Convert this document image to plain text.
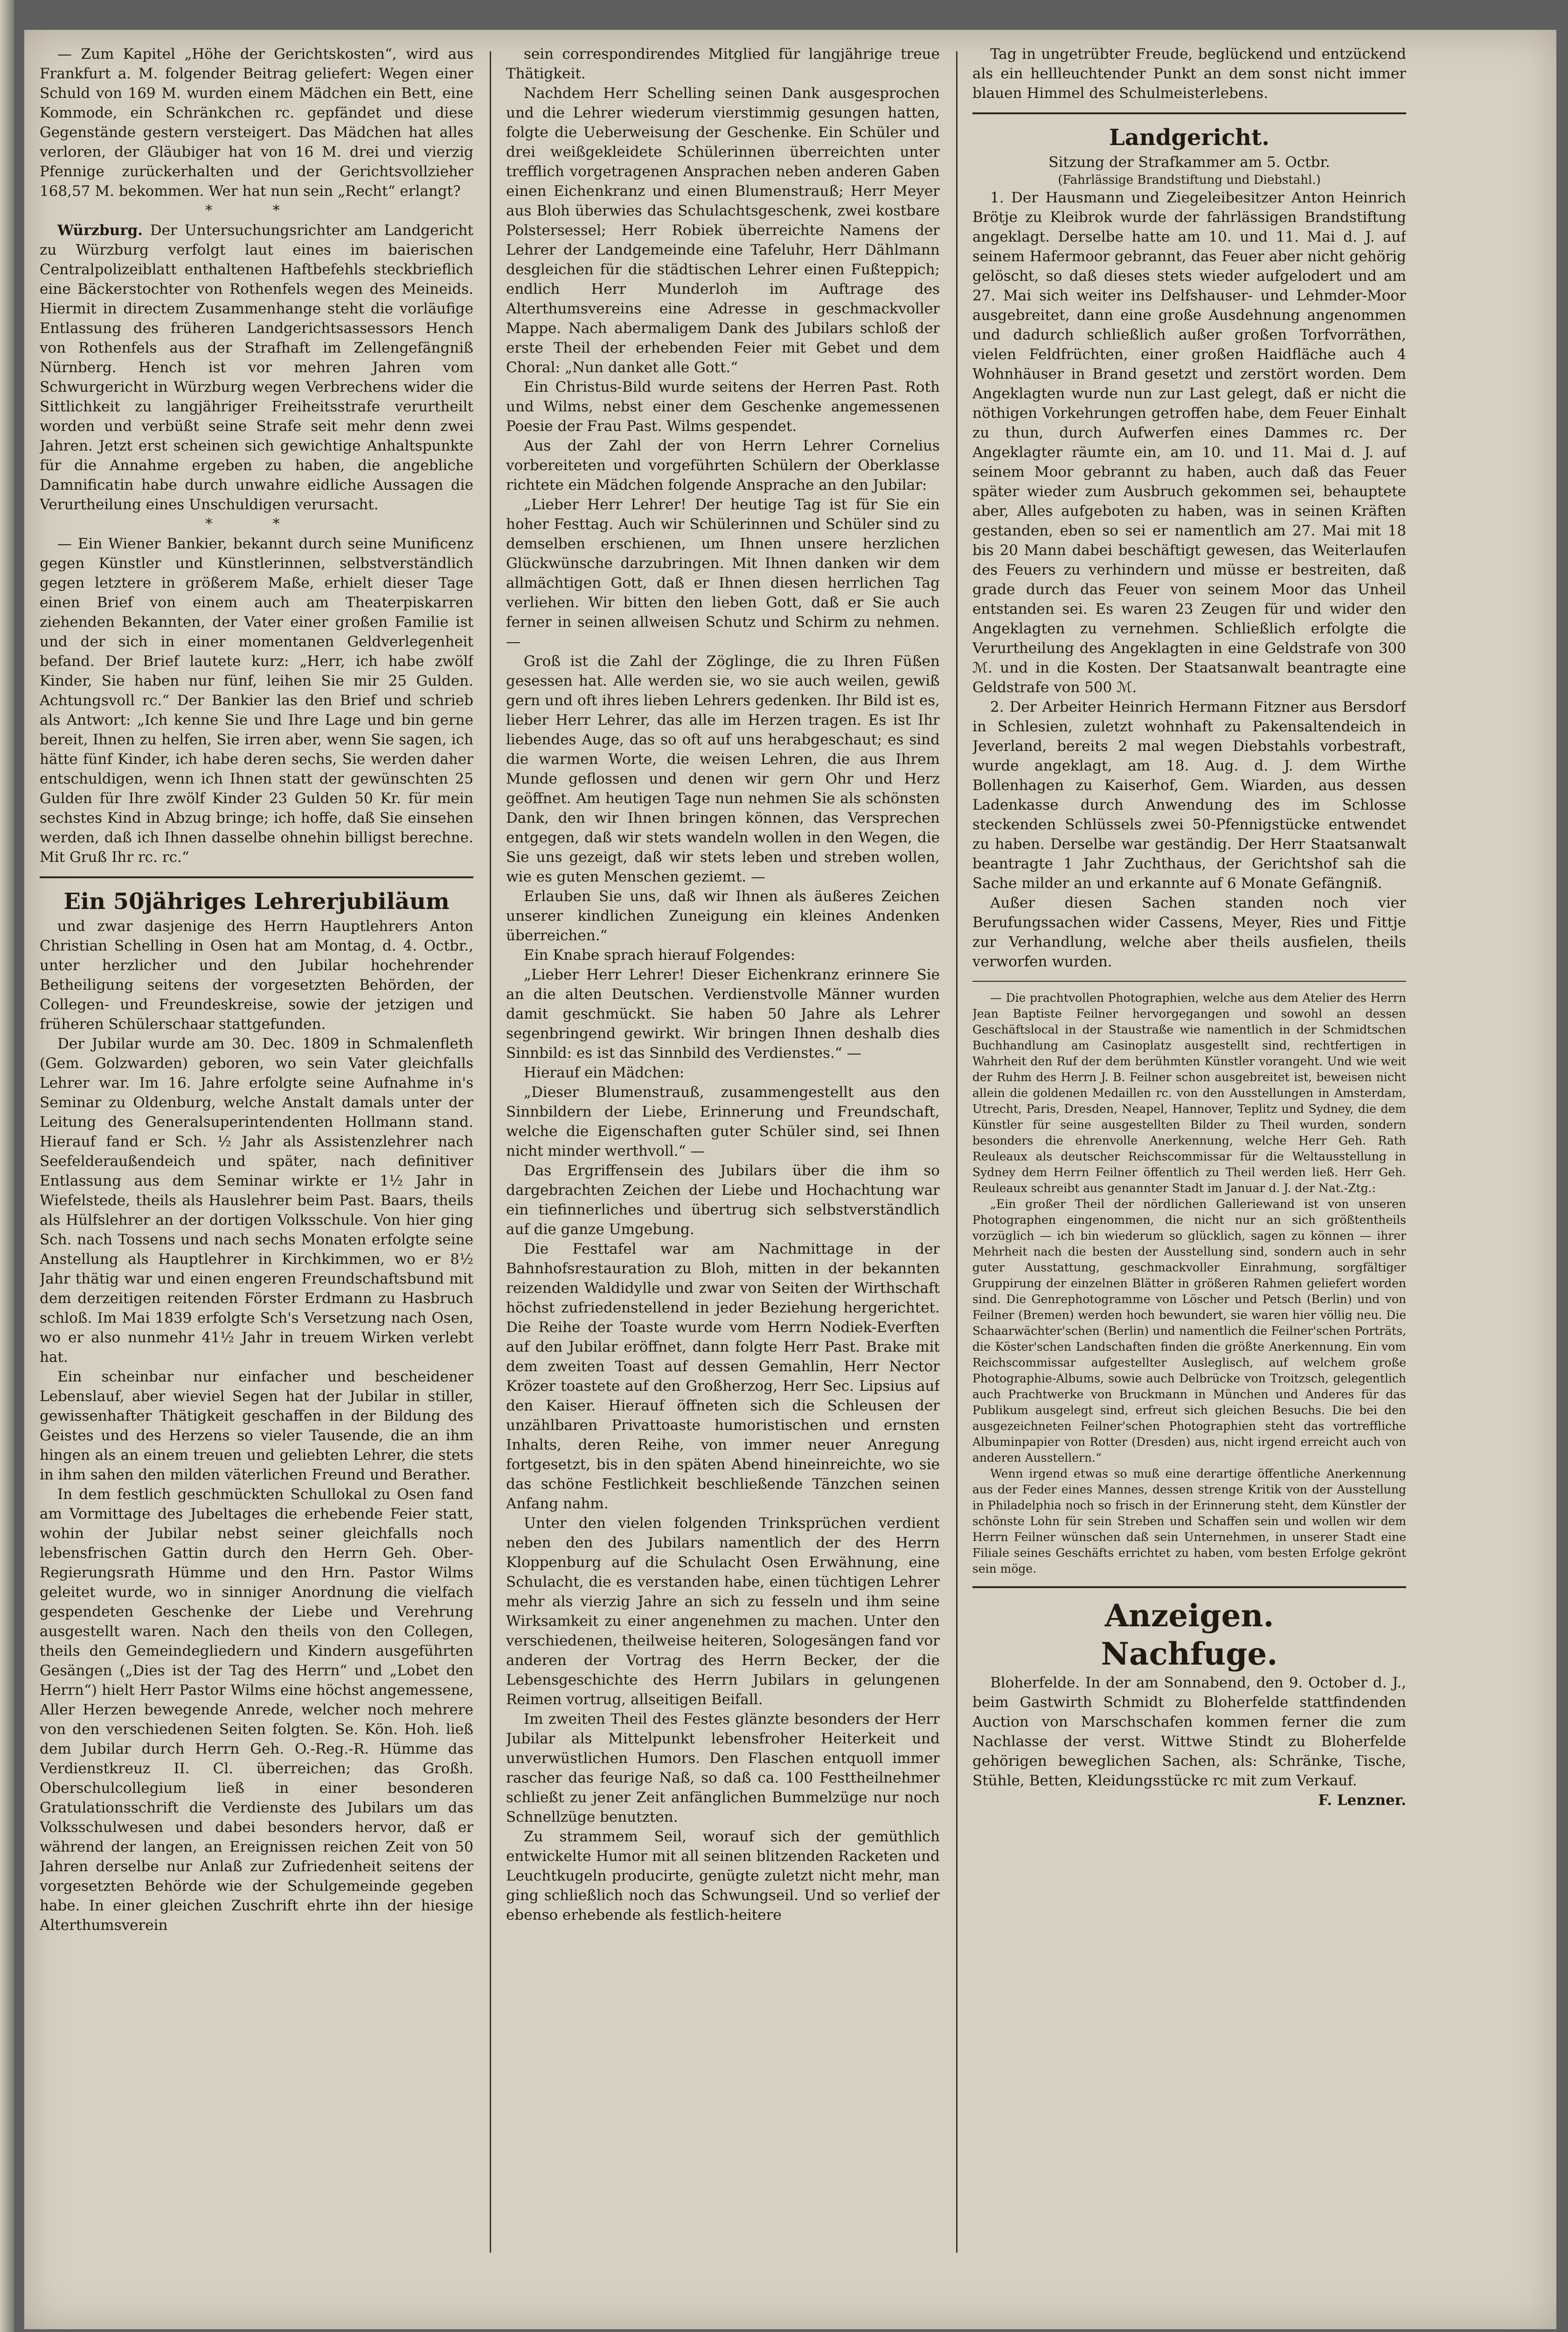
— Zum Kapitel „Höhe der Gerichtskosten“, wird aus Frankfurt a. M. folgender Beitrag geliefert: Wegen einer Schuld von 169 M. wurden einem Mädchen ein Bett, eine Kommode, ein Schränkchen rc. gepfändet und diese Gegenstände gestern versteigert. Das Mädchen hat alles verloren, der Gläubiger hat von 16 M. drei und vierzig Pfennige zurückerhalten und der Gerichtsvollzieher 168,57 M. bekommen. Wer hat nun sein „Recht“ erlangt?

* *

Würzburg. Der Untersuchungsrichter am Landgericht zu Würzburg verfolgt laut eines im baierischen Centralpolizeiblatt enthaltenen Haftbefehls steckbrieflich eine Bäckerstochter von Rothenfels wegen des Meineids. Hiermit in directem Zusammenhange steht die vorläufige Entlassung des früheren Landgerichtsassessors Hench von Rothenfels aus der Strafhaft im Zellengefängniß Nürnberg. Hench ist vor mehren Jahren vom Schwurgericht in Würzburg wegen Verbrechens wider die Sittlichkeit zu langjähriger Freiheitsstrafe verurtheilt worden und verbüßt seine Strafe seit mehr denn zwei Jahren. Jetzt erst scheinen sich gewichtige Anhaltspunkte für die Annahme ergeben zu haben, die angebliche Damnificatin habe durch unwahre eidliche Aussagen die Verurtheilung eines Unschuldigen verursacht.

* *

— Ein Wiener Bankier, bekannt durch seine Munificenz gegen Künstler und Künstlerinnen, selbstverständlich gegen letztere in größerem Maße, erhielt dieser Tage einen Brief von einem auch am Theaterpiskarren ziehenden Bekannten, der Vater einer großen Familie ist und der sich in einer momentanen Geldverlegenheit befand. Der Brief lautete kurz: „Herr, ich habe zwölf Kinder, Sie haben nur fünf, leihen Sie mir 25 Gulden. Achtungsvoll rc.“ Der Bankier las den Brief und schrieb als Antwort: „Ich kenne Sie und Ihre Lage und bin gerne bereit, Ihnen zu helfen, Sie irren aber, wenn Sie sagen, ich hätte fünf Kinder, ich habe deren sechs, Sie werden daher entschuldigen, wenn ich Ihnen statt der gewünschten 25 Gulden für Ihre zwölf Kinder 23 Gulden 50 Kr. für mein sechstes Kind in Abzug bringe; ich hoffe, daß Sie einsehen werden, daß ich Ihnen dasselbe ohnehin billigst berechne. Mit Gruß Ihr rc. rc.“

Ein 50jähriges Lehrerjubiläum

und zwar dasjenige des Herrn Hauptlehrers Anton Christian Schelling in Osen hat am Montag, d. 4. Octbr., unter herzlicher und den Jubilar hochehrender Betheiligung seitens der vorgesetzten Behörden, der Collegen- und Freundeskreise, sowie der jetzigen und früheren Schülerschaar stattgefunden.

Der Jubilar wurde am 30. Dec. 1809 in Schmalenfleth (Gem. Golzwarden) geboren, wo sein Vater gleichfalls Lehrer war. Im 16. Jahre erfolgte seine Aufnahme in's Seminar zu Oldenburg, welche Anstalt damals unter der Leitung des Generalsuperintendenten Hollmann stand. Hierauf fand er Sch. ½ Jahr als Assistenzlehrer nach Seefelderaußendeich und später, nach definitiver Entlassung aus dem Seminar wirkte er 1½ Jahr in Wiefelstede, theils als Hauslehrer beim Past. Baars, theils als Hülfslehrer an der dortigen Volksschule. Von hier ging Sch. nach Tossens und nach sechs Monaten erfolgte seine Anstellung als Hauptlehrer in Kirchkimmen, wo er 8½ Jahr thätig war und einen engeren Freundschaftsbund mit dem derzeitigen reitenden Förster Erdmann zu Hasbruch schloß. Im Mai 1839 erfolgte Sch's Versetzung nach Osen, wo er also nunmehr 41½ Jahr in treuem Wirken verlebt hat.

Ein scheinbar nur einfacher und bescheidener Lebenslauf, aber wieviel Segen hat der Jubilar in stiller, gewissenhafter Thätigkeit geschaffen in der Bildung des Geistes und des Herzens so vieler Tausende, die an ihm hingen als an einem treuen und geliebten Lehrer, die stets in ihm sahen den milden väterlichen Freund und Berather.

In dem festlich geschmückten Schullokal zu Osen fand am Vormittage des Jubeltages die erhebende Feier statt, wohin der Jubilar nebst seiner gleichfalls noch lebensfrischen Gattin durch den Herrn Geh. Ober-Regierungsrath Hümme und den Hrn. Pastor Wilms geleitet wurde, wo in sinniger Anordnung die vielfach gespendeten Geschenke der Liebe und Verehrung ausgestellt waren. Nach den theils von den Collegen, theils den Gemeindegliedern und Kindern ausgeführten Gesängen („Dies ist der Tag des Herrn“ und „Lobet den Herrn“) hielt Herr Pastor Wilms eine höchst angemessene, Aller Herzen bewegende Anrede, welcher noch mehrere von den verschiedenen Seiten folgten. Se. Kön. Hoh. ließ dem Jubilar durch Herrn Geh. O.-Reg.-R. Hümme das Verdienstkreuz II. Cl. überreichen; das Großh. Oberschulcollegium ließ in einer besonderen Gratulationsschrift die Verdienste des Jubilars um das Volksschulwesen und dabei besonders hervor, daß er während der langen, an Ereignissen reichen Zeit von 50 Jahren derselbe nur Anlaß zur Zufriedenheit seitens der vorgesetzten Behörde wie der Schulgemeinde gegeben habe. In einer gleichen Zuschrift ehrte ihn der hiesige Alterthumsverein

sein correspondirendes Mitglied für langjährige treue Thätigkeit.

Nachdem Herr Schelling seinen Dank ausgesprochen und die Lehrer wiederum vierstimmig gesungen hatten, folgte die Ueberweisung der Geschenke. Ein Schüler und drei weißgekleidete Schülerinnen überreichten unter trefflich vorgetragenen Ansprachen neben anderen Gaben einen Eichenkranz und einen Blumenstrauß; Herr Meyer aus Bloh überwies das Schulachtsgeschenk, zwei kostbare Polstersessel; Herr Robiek überreichte Namens der Lehrer der Landgemeinde eine Tafeluhr, Herr Dählmann desgleichen für die städtischen Lehrer einen Fußteppich; endlich Herr Munderloh im Auftrage des Alterthumsvereins eine Adresse in geschmackvoller Mappe. Nach abermaligem Dank des Jubilars schloß der erste Theil der erhebenden Feier mit Gebet und dem Choral: „Nun danket alle Gott.“

Ein Christus-Bild wurde seitens der Herren Past. Roth und Wilms, nebst einer dem Geschenke angemessenen Poesie der Frau Past. Wilms gespendet.

Aus der Zahl der von Herrn Lehrer Cornelius vorbereiteten und vorgeführten Schülern der Oberklasse richtete ein Mädchen folgende Ansprache an den Jubilar:

„Lieber Herr Lehrer! Der heutige Tag ist für Sie ein hoher Festtag. Auch wir Schülerinnen und Schüler sind zu demselben erschienen, um Ihnen unsere herzlichen Glückwünsche darzubringen. Mit Ihnen danken wir dem allmächtigen Gott, daß er Ihnen diesen herrlichen Tag verliehen. Wir bitten den lieben Gott, daß er Sie auch ferner in seinen allweisen Schutz und Schirm zu nehmen. —

Groß ist die Zahl der Zöglinge, die zu Ihren Füßen gesessen hat. Alle werden sie, wo sie auch weilen, gewiß gern und oft ihres lieben Lehrers gedenken. Ihr Bild ist es, lieber Herr Lehrer, das alle im Herzen tragen. Es ist Ihr liebendes Auge, das so oft auf uns herabgeschaut; es sind die warmen Worte, die weisen Lehren, die aus Ihrem Munde geflossen und denen wir gern Ohr und Herz geöffnet. Am heutigen Tage nun nehmen Sie als schönsten Dank, den wir Ihnen bringen können, das Versprechen entgegen, daß wir stets wandeln wollen in den Wegen, die Sie uns gezeigt, daß wir stets leben und streben wollen, wie es guten Menschen geziemt. —

Erlauben Sie uns, daß wir Ihnen als äußeres Zeichen unserer kindlichen Zuneigung ein kleines Andenken überreichen.“

Ein Knabe sprach hierauf Folgendes:

„Lieber Herr Lehrer! Dieser Eichenkranz erinnere Sie an die alten Deutschen. Verdienstvolle Männer wurden damit geschmückt. Sie haben 50 Jahre als Lehrer segenbringend gewirkt. Wir bringen Ihnen deshalb dies Sinnbild: es ist das Sinnbild des Verdienstes.“ —

Hierauf ein Mädchen:

„Dieser Blumenstrauß, zusammengestellt aus den Sinnbildern der Liebe, Erinnerung und Freundschaft, welche die Eigenschaften guter Schüler sind, sei Ihnen nicht minder werthvoll.“ —

Das Ergriffensein des Jubilars über die ihm so dargebrachten Zeichen der Liebe und Hochachtung war ein tiefinnerliches und übertrug sich selbstverständlich auf die ganze Umgebung.

Die Festtafel war am Nachmittage in der Bahnhofsrestauration zu Bloh, mitten in der bekannten reizenden Waldidylle und zwar von Seiten der Wirthschaft höchst zufriedenstellend in jeder Beziehung hergerichtet. Die Reihe der Toaste wurde vom Herrn Nodiek-Everften auf den Jubilar eröffnet, dann folgte Herr Past. Brake mit dem zweiten Toast auf dessen Gemahlin, Herr Nector Krözer toastete auf den Großherzog, Herr Sec. Lipsius auf den Kaiser. Hierauf öffneten sich die Schleusen der unzählbaren Privattoaste humoristischen und ernsten Inhalts, deren Reihe, von immer neuer Anregung fortgesetzt, bis in den späten Abend hineinreichte, wo sie das schöne Festlichkeit beschließende Tänzchen seinen Anfang nahm.

Unter den vielen folgenden Trinksprüchen verdient neben den des Jubilars namentlich der des Herrn Kloppenburg auf die Schulacht Osen Erwähnung, eine Schulacht, die es verstanden habe, einen tüchtigen Lehrer mehr als vierzig Jahre an sich zu fesseln und ihm seine Wirksamkeit zu einer angenehmen zu machen. Unter den verschiedenen, theilweise heiteren, Sologesängen fand vor anderen der Vortrag des Herrn Becker, der die Lebensgeschichte des Herrn Jubilars in gelungenen Reimen vortrug, allseitigen Beifall.

Im zweiten Theil des Festes glänzte besonders der Herr Jubilar als Mittelpunkt lebensfroher Heiterkeit und unverwüstlichen Humors. Den Flaschen entquoll immer rascher das feurige Naß, so daß ca. 100 Festtheilnehmer schließt zu jener Zeit anfänglichen Bummelzüge nur noch Schnellzüge benutzten.

Zu strammem Seil, worauf sich der gemüthlich entwickelte Humor mit all seinen blitzenden Racketen und Leuchtkugeln producirte, genügte zuletzt nicht mehr, man ging schließlich noch das Schwungseil. Und so verlief der ebenso erhebende als festlich-heitere

Tag in ungetrübter Freude, beglückend und entzückend als ein hellleuchtender Punkt an dem sonst nicht immer blauen Himmel des Schulmeisterlebens.

Landgericht.

Sitzung der Strafkammer am 5. Octbr.

(Fahrlässige Brandstiftung und Diebstahl.)

1. Der Hausmann und Ziegeleibesitzer Anton Heinrich Brötje zu Kleibrok wurde der fahrlässigen Brandstiftung angeklagt. Derselbe hatte am 10. und 11. Mai d. J. auf seinem Hafermoor gebrannt, das Feuer aber nicht gehörig gelöscht, so daß dieses stets wieder aufgelodert und am 27. Mai sich weiter ins Delfshauser- und Lehmder-Moor ausgebreitet, dann eine große Ausdehnung angenommen und dadurch schließlich außer großen Torfvorräthen, vielen Feldfrüchten, einer großen Haidfläche auch 4 Wohnhäuser in Brand gesetzt und zerstört worden. Dem Angeklagten wurde nun zur Last gelegt, daß er nicht die nöthigen Vorkehrungen getroffen habe, dem Feuer Einhalt zu thun, durch Aufwerfen eines Dammes rc. Der Angeklagter räumte ein, am 10. und 11. Mai d. J. auf seinem Moor gebrannt zu haben, auch daß das Feuer später wieder zum Ausbruch gekommen sei, behauptete aber, Alles aufgeboten zu haben, was in seinen Kräften gestanden, eben so sei er namentlich am 27. Mai mit 18 bis 20 Mann dabei beschäftigt gewesen, das Weiterlaufen des Feuers zu verhindern und müsse er bestreiten, daß grade durch das Feuer von seinem Moor das Unheil entstanden sei. Es waren 23 Zeugen für und wider den Angeklagten zu vernehmen. Schließlich erfolgte die Verurtheilung des Angeklagten in eine Geldstrafe von 300 ℳ. und in die Kosten. Der Staatsanwalt beantragte eine Geldstrafe von 500 ℳ.

2. Der Arbeiter Heinrich Hermann Fitzner aus Bersdorf in Schlesien, zuletzt wohnhaft zu Pakensaltendeich in Jeverland, bereits 2 mal wegen Diebstahls vorbestraft, wurde angeklagt, am 18. Aug. d. J. dem Wirthe Bollenhagen zu Kaiserhof, Gem. Wiarden, aus dessen Ladenkasse durch Anwendung des im Schlosse steckenden Schlüssels zwei 50-Pfennigstücke entwendet zu haben. Derselbe war geständig. Der Herr Staatsanwalt beantragte 1 Jahr Zuchthaus, der Gerichtshof sah die Sache milder an und erkannte auf 6 Monate Gefängniß.

Außer diesen Sachen standen noch vier Berufungssachen wider Cassens, Meyer, Ries und Fittje zur Verhandlung, welche aber theils ausfielen, theils verworfen wurden.

— Die prachtvollen Photographien, welche aus dem Atelier des Herrn Jean Baptiste Feilner hervorgegangen und sowohl an dessen Geschäftslocal in der Staustraße wie namentlich in der Schmidtschen Buchhandlung am Casinoplatz ausgestellt sind, rechtfertigen in Wahrheit den Ruf der dem berühmten Künstler vorangeht. Und wie weit der Ruhm des Herrn J. B. Feilner schon ausgebreitet ist, beweisen nicht allein die goldenen Medaillen rc. von den Ausstellungen in Amsterdam, Utrecht, Paris, Dresden, Neapel, Hannover, Teplitz und Sydney, die dem Künstler für seine ausgestellten Bilder zu Theil wurden, sondern besonders die ehrenvolle Anerkennung, welche Herr Geh. Rath Reuleaux als deutscher Reichscommissar für die Weltausstellung in Sydney dem Herrn Feilner öffentlich zu Theil werden ließ. Herr Geh. Reuleaux schreibt aus genannter Stadt im Januar d. J. der Nat.-Ztg.:

„Ein großer Theil der nördlichen Galleriewand ist von unseren Photographen eingenommen, die nicht nur an sich größtentheils vorzüglich — ich bin wiederum so glücklich, sagen zu können — ihrer Mehrheit nach die besten der Ausstellung sind, sondern auch in sehr guter Ausstattung, geschmackvoller Einrahmung, sorgfältiger Gruppirung der einzelnen Blätter in größeren Rahmen geliefert worden sind. Die Genrephotogramme von Löscher und Petsch (Berlin) und von Feilner (Bremen) werden hoch bewundert, sie waren hier völlig neu. Die Schaarwächter'schen (Berlin) und namentlich die Feilner'schen Porträts, die Köster'schen Landschaften finden die größte Anerkennung. Ein vom Reichscommissar aufgestellter Ausleglisch, auf welchem große Photographie-Albums, sowie auch Delbrücke von Troitzsch, gelegentlich auch Prachtwerke von Bruckmann in München und Anderes für das Publikum ausgelegt sind, erfreut sich gleichen Besuchs. Die bei den ausgezeichneten Feilner'schen Photographien steht das vortreffliche Albuminpapier von Rotter (Dresden) aus, nicht irgend erreicht auch von anderen Ausstellern.“

Wenn irgend etwas so muß eine derartige öffentliche Anerkennung aus der Feder eines Mannes, dessen strenge Kritik von der Ausstellung in Philadelphia noch so frisch in der Erinnerung steht, dem Künstler der schönste Lohn für sein Streben und Schaffen sein und wollen wir dem Herrn Feilner wünschen daß sein Unternehmen, in unserer Stadt eine Filiale seines Geschäfts errichtet zu haben, vom besten Erfolge gekrönt sein möge.

Anzeigen.

Nachfuge.

Bloherfelde. In der am Sonnabend, den 9. October d. J., beim Gastwirth Schmidt zu Bloherfelde stattfindenden Auction von Marschschafen kommen ferner die zum Nachlasse der verst. Wittwe Stindt zu Bloherfelde gehörigen beweglichen Sachen, als: Schränke, Tische, Stühle, Betten, Kleidungsstücke rc mit zum Verkauf.

F. Lenzner.
